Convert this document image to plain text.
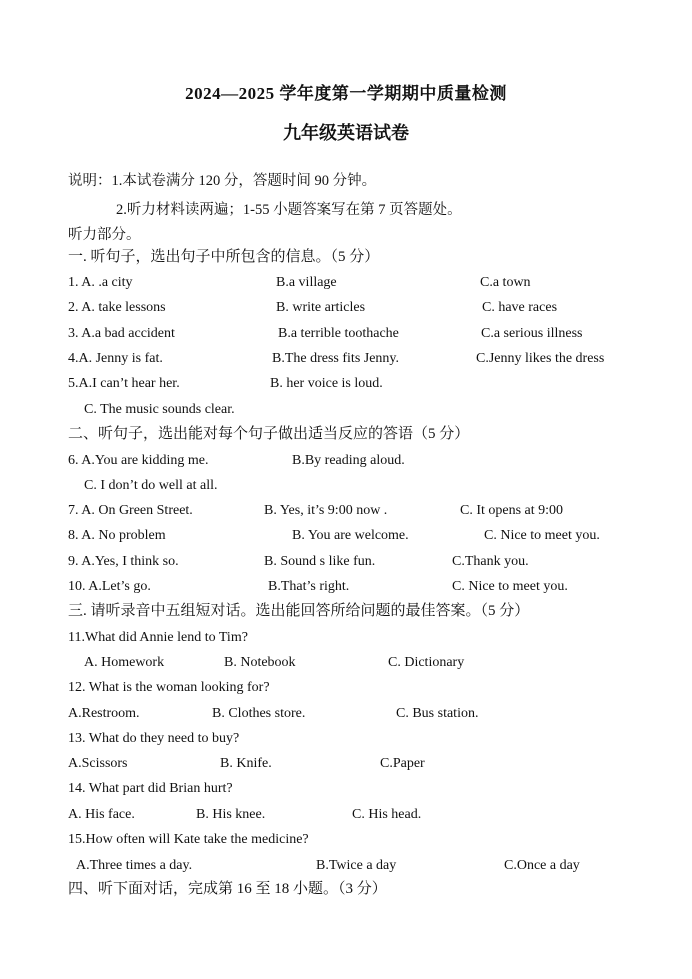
2024—2025 学年度第一学期期中质量检测
九年级英语试卷
说明：1.本试卷满分 120 分，答题时间 90 分钟。
2.听力材料读两遍；1-55 小题答案写在第 7 页答题处。
听力部分。
一. 听句子，选出句子中所包含的信息。（5 分）
1. A. .a city	B.a village	C.a town
2. A. take lessons	B. write articles	C. have races
3. A.a bad accident	B.a terrible toothache	C.a serious illness
4.A. Jenny is fat.	B.The dress fits Jenny.	C.Jenny likes the dress
5.A.I can’t hear her.	B. her voice is loud.
C. The music sounds clear.
二、听句子，选出能对每个句子做出适当反应的答语（5 分）
6. A.You are kidding me.	B.By reading aloud.
C. I don’t do well at all.
7. A. On Green Street.	B. Yes, it’s 9:00 now .	C. It opens at 9:00
8. A. No problem	B. You are welcome.	C. Nice to meet you.
9. A.Yes, I think so.	B. Sound s like fun.	C.Thank you.
10. A.Let’s go.	B.That’s right.	C. Nice to meet you.
三. 请听录音中五组短对话。选出能回答所给问题的最佳答案。（5 分）
11.What did Annie lend to Tim?
A. Homework	B. Notebook	C. Dictionary
12. What is the woman looking for?
A.Restroom.	B. Clothes store.	C. Bus station.
13. What do they need to buy?
A.Scissors	B. Knife.	C.Paper
14. What part did Brian hurt?
A. His face.	B. His knee.	C. His head.
15.How often will Kate take the medicine?
A.Three times a day.	B.Twice a day	C.Once a day
四、听下面对话，完成第 16 至 18 小题。（3 分）
